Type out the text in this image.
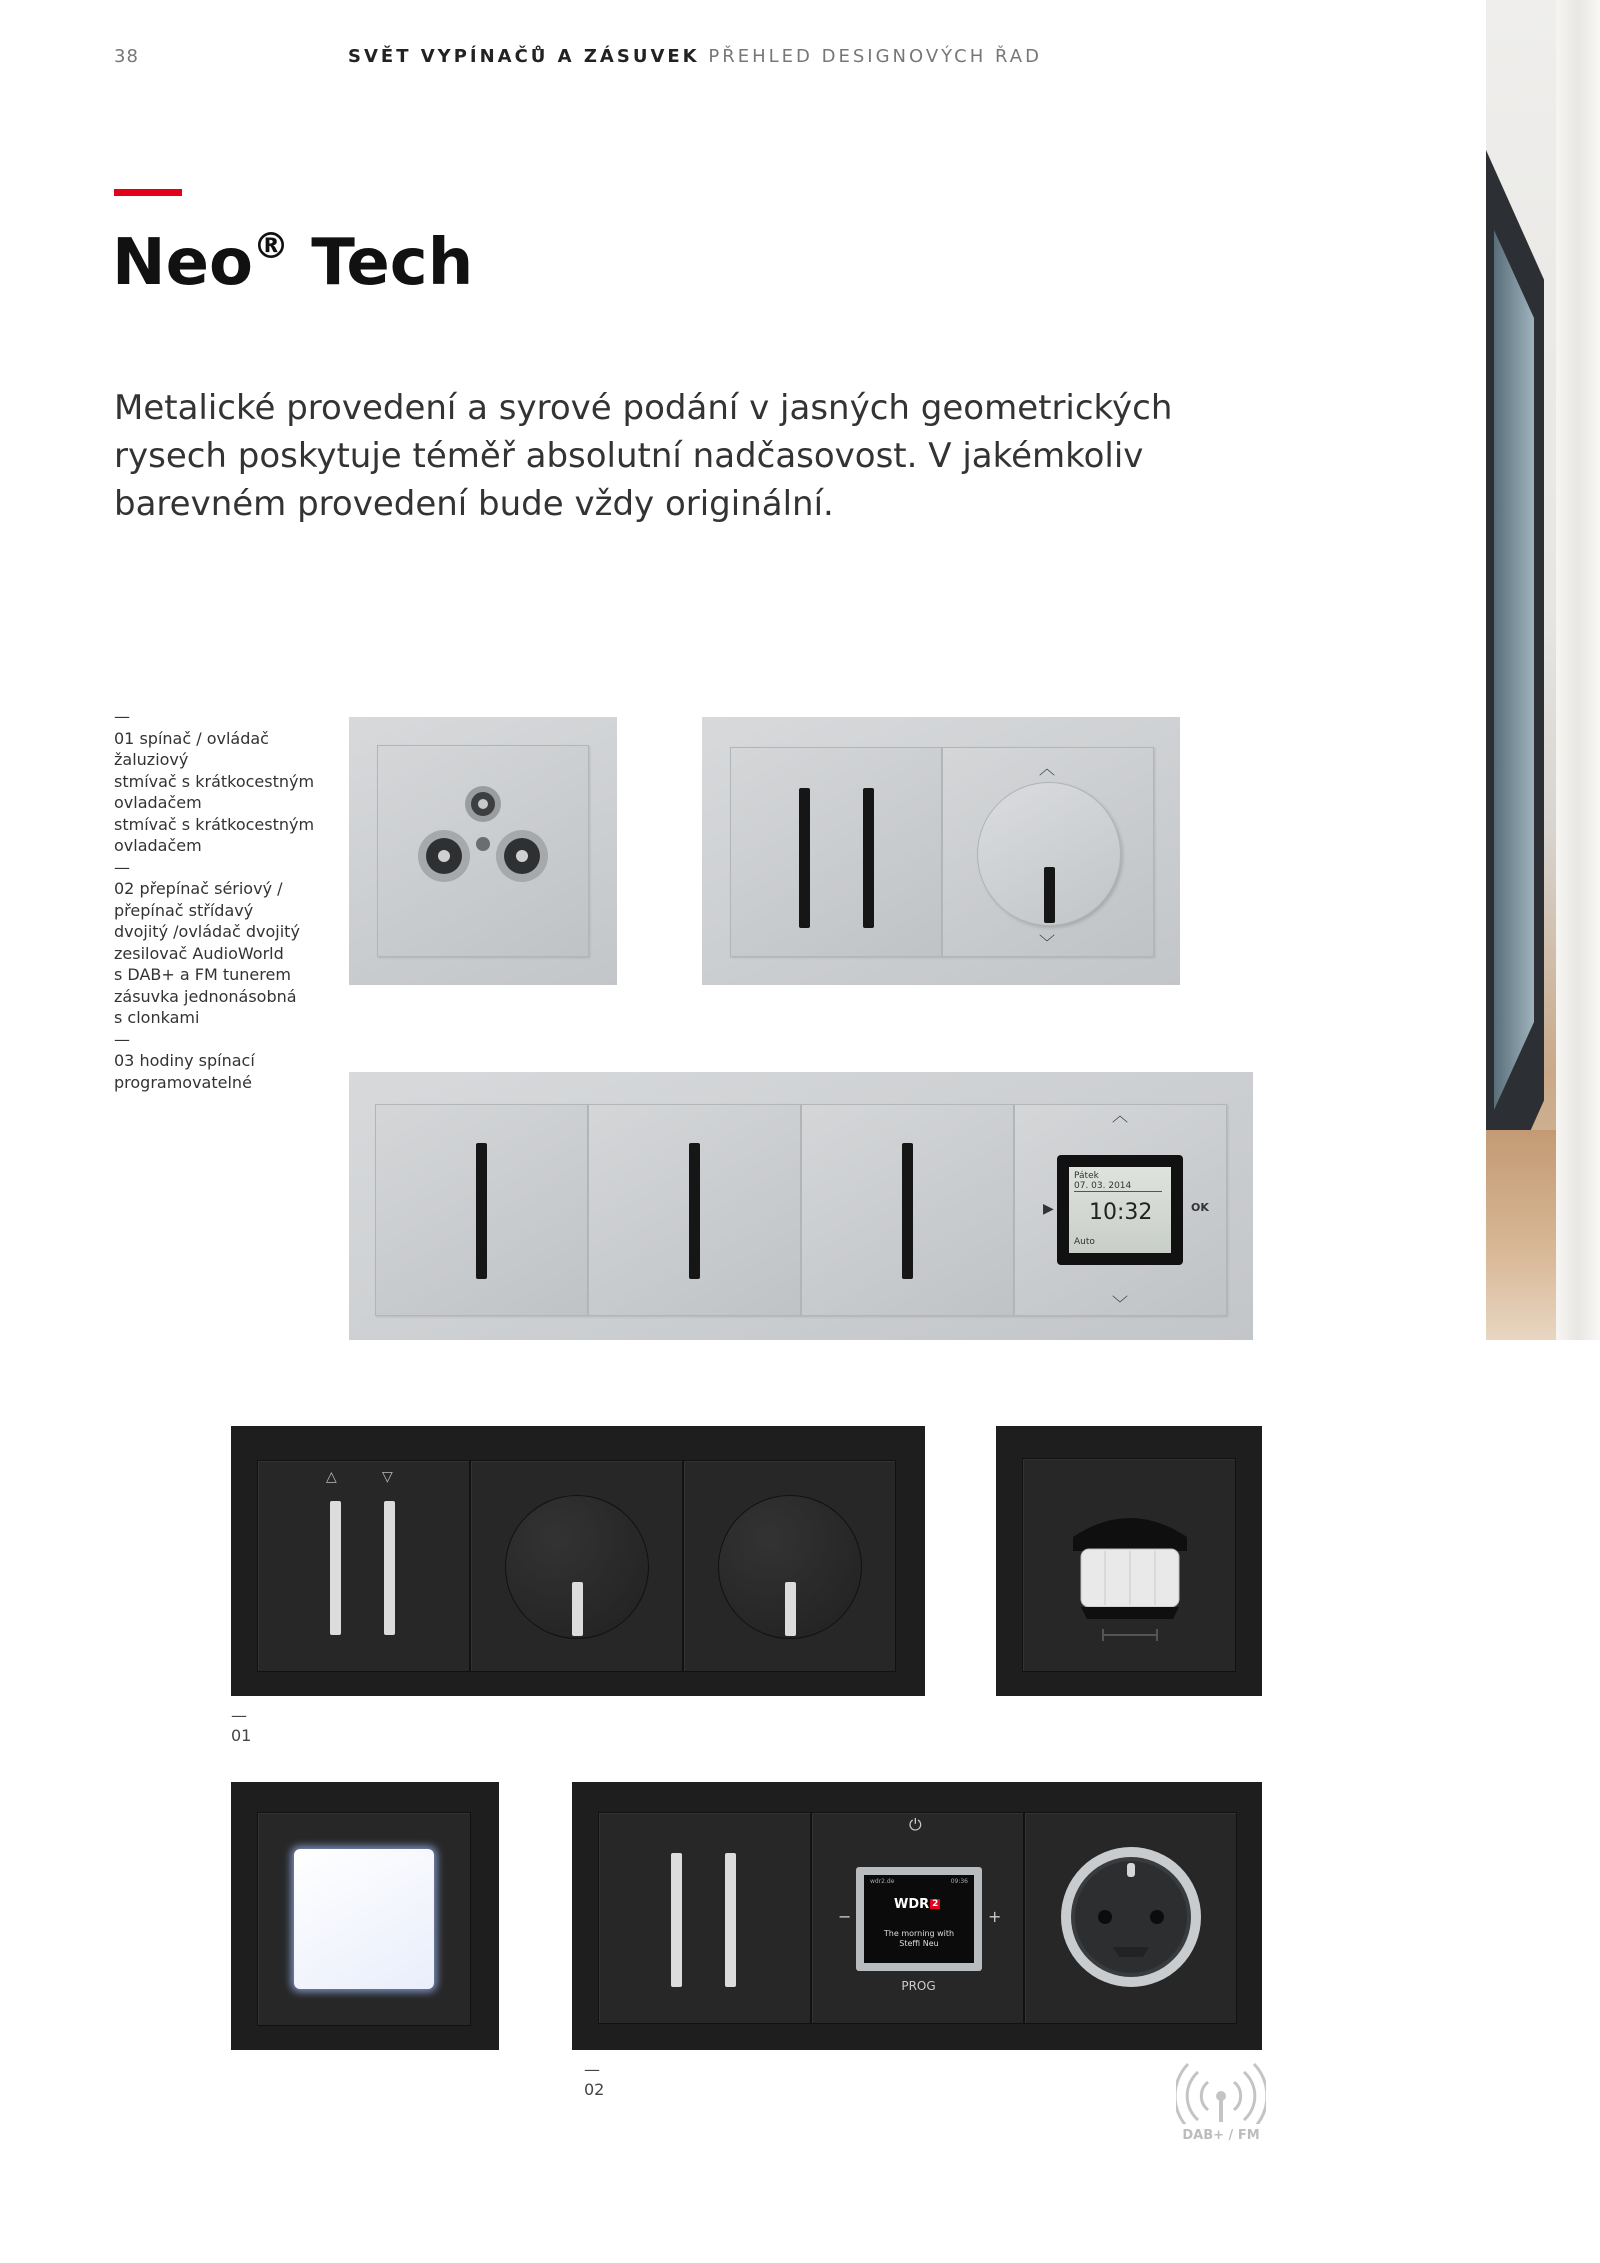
38	SVĚT VYPÍNAČŮ A ZÁSUVEK PŘEHLED DESIGNOVÝCH ŘAD
Neo® Tech

Metalické provedení a syrové podání v jasných geometrických

rysech poskytuje téměř absolutní nadčasovost. V jakémkoliv

barevném provedení bude vždy originální.

—
01 spínač / ovládač
žaluziový
stmívač s krátkocestným
ovladačem
stmívač s krátkocestným
ovladačem
—
02 přepínač sériový /
přepínač střídavý
dvojitý /ovládač dvojitý
zesilovač AudioWorld
s DAB+ a FM tunerem
zásuvka jednonásobná
s clonkami
—
03 hodiny spínací
programovatelné
︿
﹀
︿
▶	OK
Pátek
07. 03. 2014
10:32
Auto
﹀
△	▽
—
01
⏻
−	+
wdr2.de	09:36
WDR 2
The morning with
Steffi Neu
PROG
—
02
DAB+ / FM
